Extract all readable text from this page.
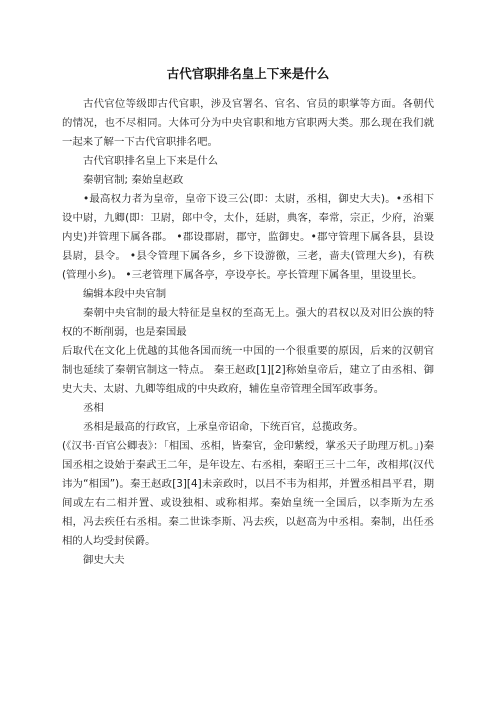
古代官职排名皇上下来是什么

古代官位等级即古代官职，涉及官署名、官名、官员的职掌等方面。各朝代的情况，也不尽相同。大体可分为中央官职和地方官职两大类。那么现在我们就一起来了解一下古代官职排名吧。

古代官职排名皇上下来是什么

秦朝官制; 秦始皇赵政

•最高权力者为皇帝，皇帝下设三公(即：太尉，丞相，御史大夫)。•丞相下设中尉，九卿(即：卫尉，郎中令，太仆，廷尉，典客，奉常，宗正，少府，治粟内史)并管理下属各郡。 •郡设郡尉，郡守，监御史。•郡守管理下属各县，县设县尉，县令。 •县令管理下属各乡，乡下设游徼，三老，啬夫(管理大乡)，有秩(管理小乡)。 •三老管理下属各亭，亭设亭长。亭长管理下属各里，里设里长。

编辑本段中央官制

秦朝中央官制的最大特征是皇权的至高无上。强大的君权以及对旧公族的特权的不断削弱，也是秦国最

后取代在文化上优越的其他各国而统一中国的一个很重要的原因，后来的汉朝官制也延续了秦朝官制这一特点。 秦王赵政[1][2]称始皇帝后，建立了由丞相、御史大夫、太尉、九卿等组成的中央政府，辅佐皇帝管理全国军政事务。

丞相

丞相是最高的行政官，上承皇帝诏命，下统百官，总揽政务。

(《汉书·百官公卿表》：「相国、丞相，皆秦官，金印紫绶，掌丞天子助理万机。」)秦国丞相之设始于秦武王二年，是年设左、右丞相，秦昭王三十二年，改相邦(汉代讳为“相国”)。秦王赵政[3][4]未亲政时，以吕不韦为相邦，并置丞相昌平君，期间或左右二相并置、或设独相、或称相邦。秦始皇统一全国后，以李斯为左丞相，冯去疾任右丞相。秦二世诛李斯、冯去疾，以赵高为中丞相。秦制，出任丞相的人均受封侯爵。

御史大夫
